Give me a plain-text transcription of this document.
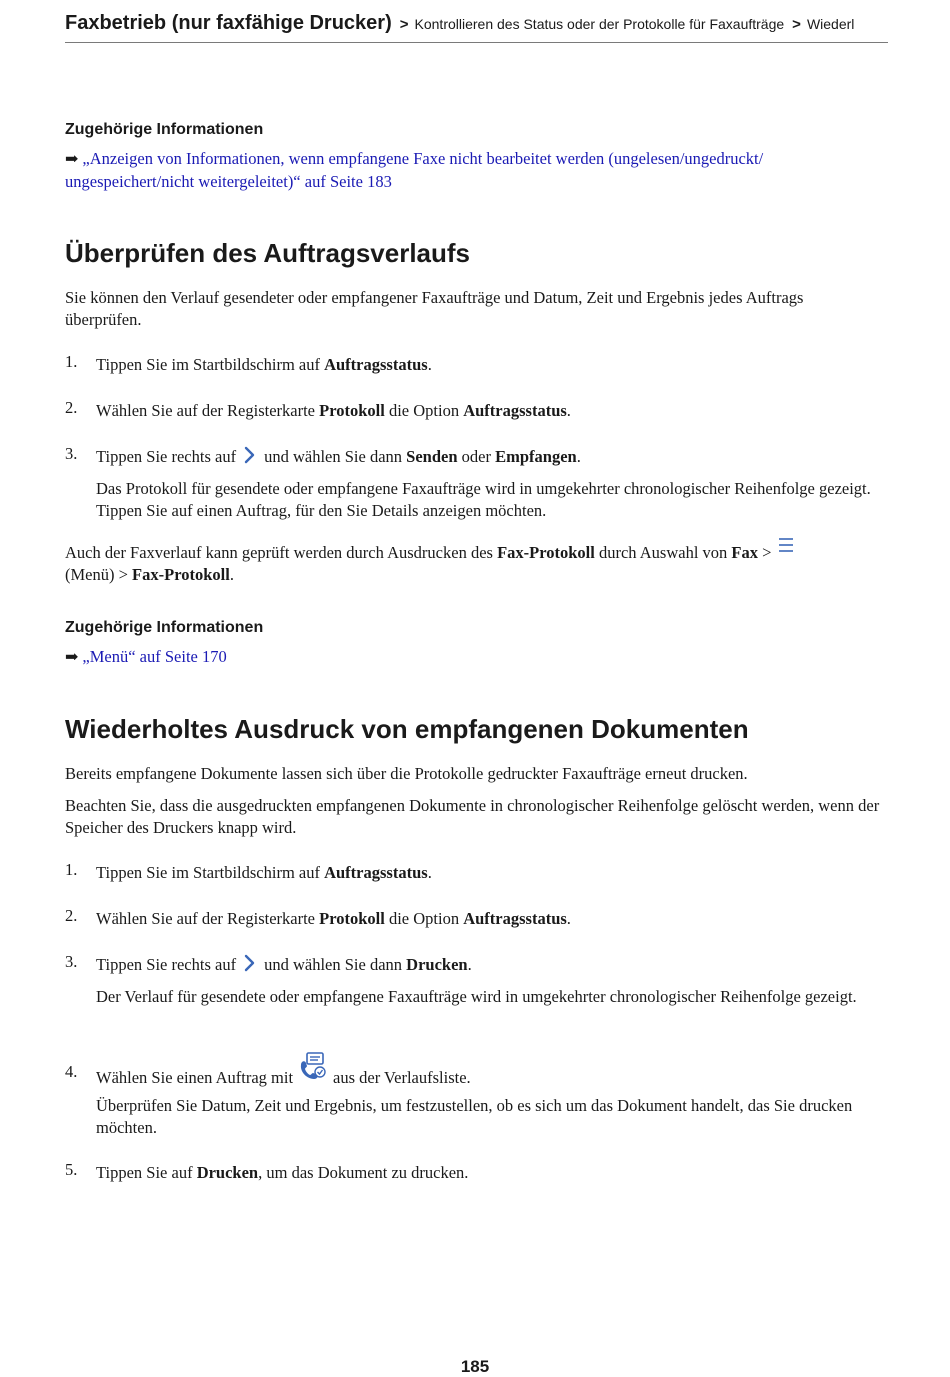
Faxbetrieb (nur faxfähige Drucker) > Kontrollieren des Status oder der Protokolle für Faxaufträge > Wiederl
Zugehörige Informationen
➡ „Anzeigen von Informationen, wenn empfangene Faxe nicht bearbeitet werden (ungelesen/ungedruckt/
ungespeichert/nicht weitergeleitet)“ auf Seite 183
Überprüfen des Auftragsverlaufs
Sie können den Verlauf gesendeter oder empfangener Faxaufträge und Datum, Zeit und Ergebnis jedes Auftrags überprüfen.
1. Tippen Sie im Startbildschirm auf Auftragsstatus.
2. Wählen Sie auf der Registerkarte Protokoll die Option Auftragsstatus.
3. Tippen Sie rechts auf und wählen Sie dann Senden oder Empfangen.
Das Protokoll für gesendete oder empfangene Faxaufträge wird in umgekehrter chronologischer Reihenfolge gezeigt. Tippen Sie auf einen Auftrag, für den Sie Details anzeigen möchten.
Auch der Faxverlauf kann geprüft werden durch Ausdrucken des Fax-Protokoll durch Auswahl von Fax >
(Menü) > Fax-Protokoll.
Zugehörige Informationen
➡ „Menü“ auf Seite 170
Wiederholtes Ausdruck von empfangenen Dokumenten
Bereits empfangene Dokumente lassen sich über die Protokolle gedruckter Faxaufträge erneut drucken.
Beachten Sie, dass die ausgedruckten empfangenen Dokumente in chronologischer Reihenfolge gelöscht werden, wenn der Speicher des Druckers knapp wird.
1. Tippen Sie im Startbildschirm auf Auftragsstatus.
2. Wählen Sie auf der Registerkarte Protokoll die Option Auftragsstatus.
3. Tippen Sie rechts auf und wählen Sie dann Drucken.
Der Verlauf für gesendete oder empfangene Faxaufträge wird in umgekehrter chronologischer Reihenfolge gezeigt.
4. Wählen Sie einen Auftrag mit aus der Verlaufsliste.
Überprüfen Sie Datum, Zeit und Ergebnis, um festzustellen, ob es sich um das Dokument handelt, das Sie drucken möchten.
5. Tippen Sie auf Drucken, um das Dokument zu drucken.
185
